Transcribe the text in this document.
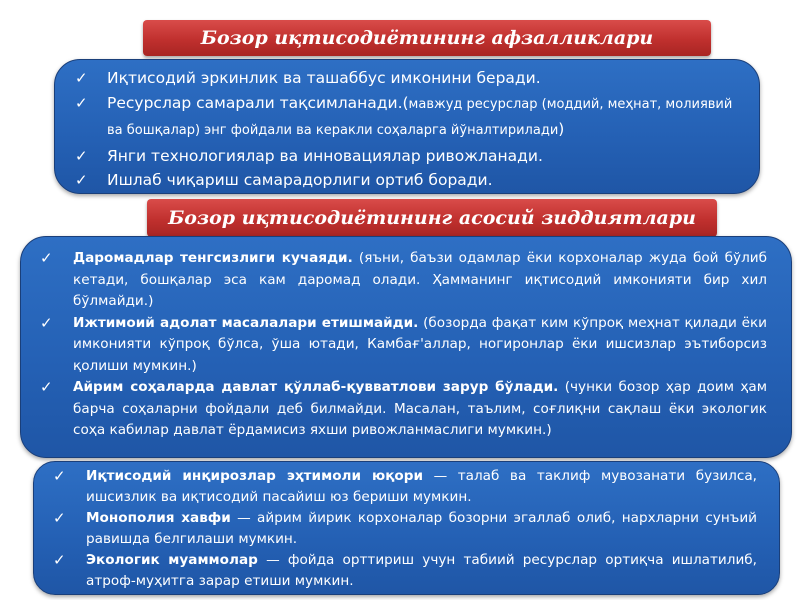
Бозор иқтисодиётининг афзалликлари
✓ Иқтисодий эркинлик ва ташаббус имконини беради.
✓ Ресурслар самарали тақсимланади.(мавжуд ресурслар (моддий, меҳнат, молиявий ва бошқалар) энг фойдали ва керакли соҳаларга йўналтирилади)
✓ Янги технологиялар ва инновациялар ривожланади.
✓ Ишлаб чиқариш самарадорлиги ортиб боради.
Бозор иқтисодиётининг асосий зиддиятлари
✓ Даромадлар тенгсизлиги кучаяди. (яъни, баъзи одамлар ёки корхоналар жуда бой бўлиб кетади, бошқалар эса кам даромад олади. Ҳамманинг иқтисодий имконияти бир хил бўлмайди.)
✓ Ижтимоий адолат масалалари етишмайди. (бозорда фақат ким кўпроқ меҳнат қилади ёки имконияти кўпроқ бўлса, ўша ютади, Камбағ'аллар, ногиронлар ёки ишсизлар эътиборсиз қолиши мумкин.)
✓ Айрим соҳаларда давлат қўллаб-қувватлови зарур бўлади. (чунки бозор ҳар доим ҳам барча соҳаларни фойдали деб билмайди. Масалан, таълим, соғлиқни сақлаш ёки экологик соҳа кабилар давлат ёрдамисиз яхши ривожланмаслиги мумкин.)
✓ Иқтисодий инқирозлар эҳтимоли юқори — талаб ва таклиф мувозанати бузилса, ишсизлик ва иқтисодий пасайиш юз бериши мумкин.
✓ Монополия хавфи — айрим йирик корхоналар бозорни эгаллаб олиб, нархларни сунъий равишда белгилаши мумкин.
✓ Экологик муаммолар — фойда орттириш учун табиий ресурслар ортиқча ишлатилиб, атроф-муҳитга зарар етиши мумкин.
